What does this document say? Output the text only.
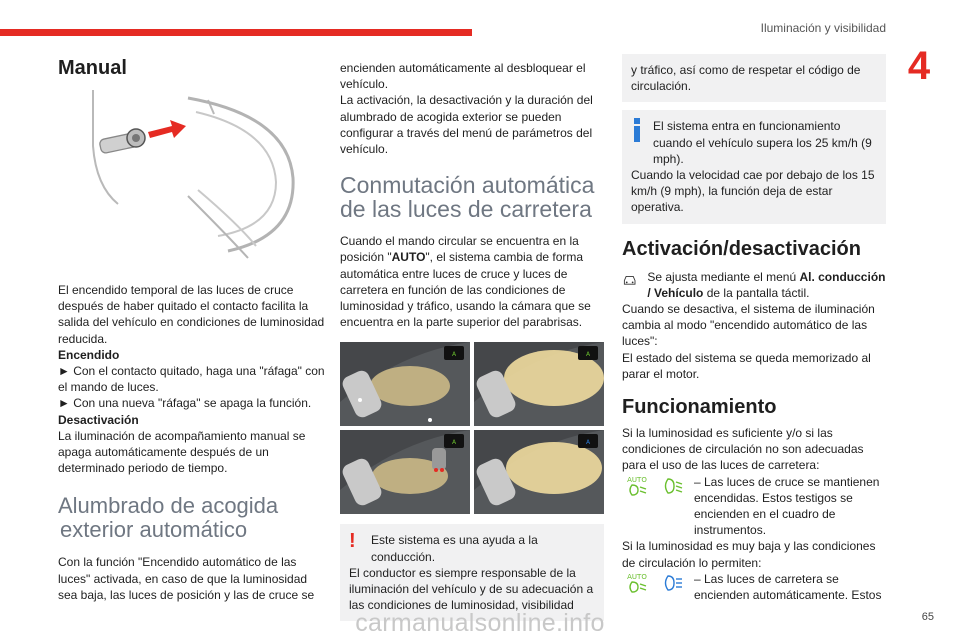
Iluminación y visibilidad
4
Manual

El encendido temporal de las luces de cruce después de haber quitado el contacto facilita la salida del vehículo en condiciones de luminosidad reducida.

Encendido

► Con el contacto quitado, haga una "ráfaga" con el mando de luces.

► Con una nueva "ráfaga" se apaga la función.

Desactivación

La iluminación de acompañamiento manual se apaga automáticamente después de un determinado periodo de tiempo.

Alumbrado de acogida

exterior automático

Con la función "Encendido automático de las luces" activada, en caso de que la luminosidad sea baja, las luces de posición y las de cruce se

encienden automáticamente al desbloquear el vehículo.

La activación, la desactivación y la duración del alumbrado de acogida exterior se pueden configurar a través del menú de parámetros del vehículo.

Conmutación automática

de las luces de carretera

Cuando el mando circular se encuentra en la posición "AUTO", el sistema cambia de forma automática entre luces de cruce y luces de carretera en función de las condiciones de luminosidad y tráfico, usando la cámara que se encuentra en la parte superior del parabrisas.

A	A
A	A
!	Este sistema es una ayuda a la conducción.

El conductor es siempre responsable de la iluminación del vehículo y de su adecuación a las condiciones de luminosidad, visibilidad

y tráfico, así como de respetar el código de circulación.

El sistema entra en funcionamiento cuando el vehículo supera los 25 km/h (9 mph).

Cuando la velocidad cae por debajo de los 15 km/h (9 mph), la función deja de estar operativa.

Activación/desactivación

Se ajusta mediante el menú Al. conducción / Vehículo de la pantalla táctil.

Cuando se desactiva, el sistema de iluminación cambia al modo "encendido automático de las luces":

El estado del sistema se queda memorizado al parar el motor.

Funcionamiento

Si la luminosidad es suficiente y/o si las condiciones de circulación no son adecuadas para el uso de las luces de carretera:

AUTO	– Las luces de cruce se mantienen encendidas. Estos testigos se encienden en el cuadro de instrumentos.

Si la luminosidad es muy baja y las condiciones de circulación lo permiten:

AUTO	– Las luces de carretera se encienden automáticamente. Estos

carmanualsonline.info	65
